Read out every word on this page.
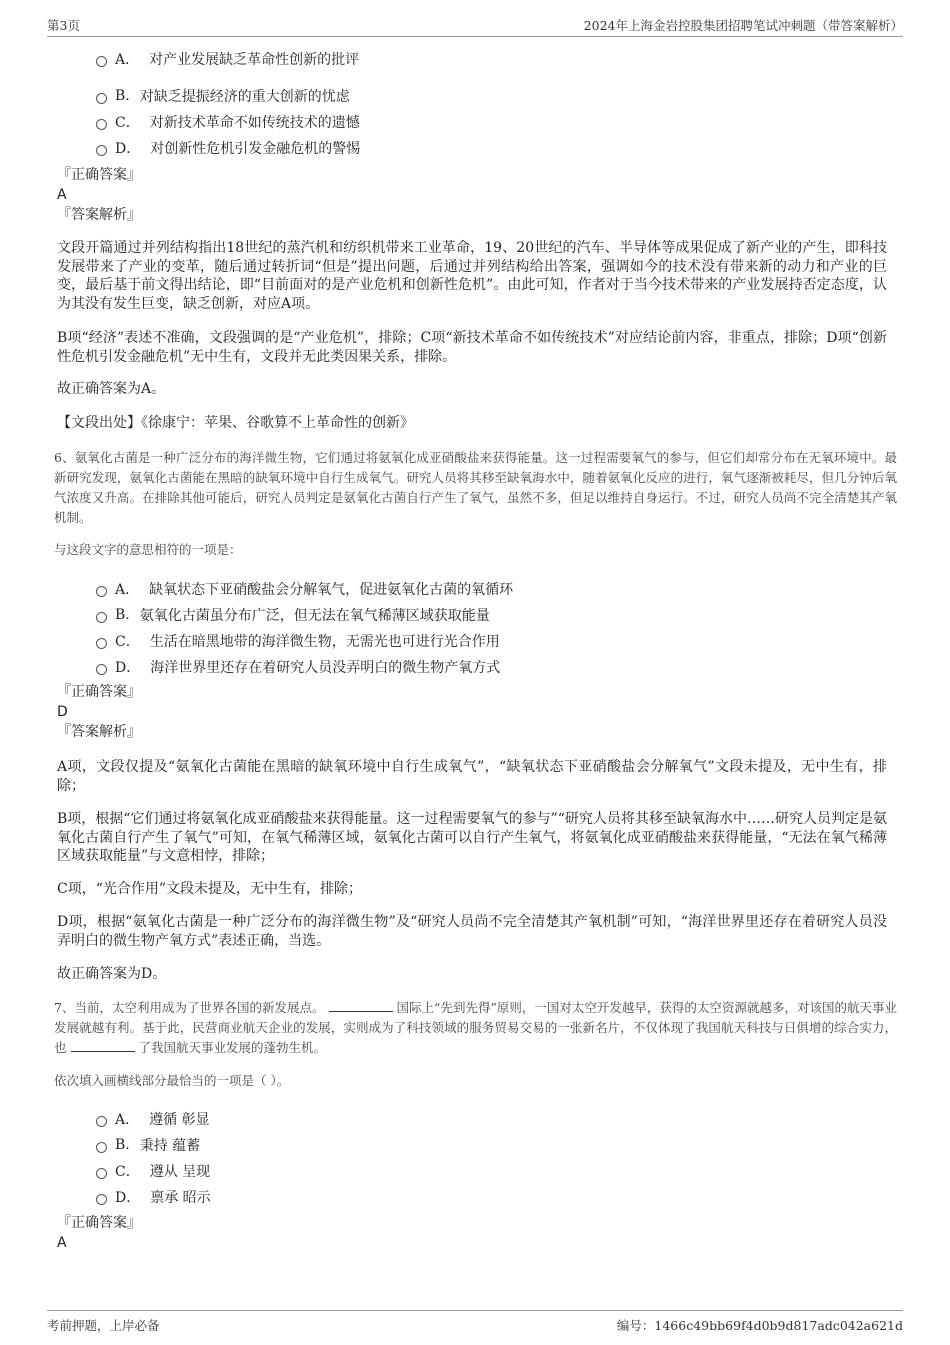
第3页	2024年上海金岩控股集团招聘笔试冲刺题（带答案解析）
A． 对产业发展缺乏革命性创新的批评
B. 对缺乏提振经济的重大创新的忧虑
C． 对新技术革命不如传统技术的遗憾
D． 对创新性危机引发金融危机的警惕
『正确答案』
A
『答案解析』
文段开篇通过并列结构指出18世纪的蒸汽机和纺织机带来工业革命，19、20世纪的汽车、半导体等成果促成了新产业的产生，即科技发展带来了产业的变革，随后通过转折词“但是”提出问题，后通过并列结构给出答案，强调如今的技术没有带来新的动力和产业的巨变，最后基于前文得出结论，即“目前面对的是产业危机和创新性危机”。由此可知，作者对于当今技术带来的产业发展持否定态度，认为其没有发生巨变，缺乏创新，对应A项。
B项“经济”表述不准确，文段强调的是“产业危机”，排除；C项“新技术革命不如传统技术”对应结论前内容，非重点，排除；D项“创新性危机引发金融危机”无中生有，文段并无此类因果关系，排除。
故正确答案为A。
【文段出处】《徐康宁：苹果、谷歌算不上革命性的创新》
6、氨氧化古菌是一种广泛分布的海洋微生物，它们通过将氨氧化成亚硝酸盐来获得能量。这一过程需要氧气的参与，但它们却常分布在无氧环境中。最新研究发现，氨氧化古菌能在黑暗的缺氧环境中自行生成氧气。研究人员将其移至缺氧海水中，随着氨氧化反应的进行，氧气逐渐被耗尽，但几分钟后氧气浓度又升高。在排除其他可能后，研究人员判定是氨氧化古菌自行产生了氧气，虽然不多，但足以维持自身运行。不过，研究人员尚不完全清楚其产氧机制。
与这段文字的意思相符的一项是：
A． 缺氧状态下亚硝酸盐会分解氧气，促进氨氧化古菌的氧循环
B. 氨氧化古菌虽分布广泛，但无法在氧气稀薄区域获取能量
C． 生活在暗黑地带的海洋微生物，无需光也可进行光合作用
D． 海洋世界里还存在着研究人员没弄明白的微生物产氧方式
『正确答案』
D
『答案解析』
A项，文段仅提及“氨氧化古菌能在黑暗的缺氧环境中自行生成氧气”，“缺氧状态下亚硝酸盐会分解氧气”文段未提及，无中生有，排除；
B项，根据“它们通过将氨氧化成亚硝酸盐来获得能量。这一过程需要氧气的参与”“研究人员将其移至缺氧海水中……研究人员判定是氨氧化古菌自行产生了氧气”可知，在氧气稀薄区域，氨氧化古菌可以自行产生氧气，将氨氧化成亚硝酸盐来获得能量，“无法在氧气稀薄区域获取能量”与文意相悖，排除；
C项，“光合作用”文段未提及，无中生有，排除；
D项，根据“氨氧化古菌是一种广泛分布的海洋微生物”及“研究人员尚不完全清楚其产氧机制”可知，“海洋世界里还存在着研究人员没弄明白的微生物产氧方式”表述正确，当选。
故正确答案为D。
7、当前，太空利用成为了世界各国的新发展点。	国际上“先到先得”原则，一国对太空开发越早，获得的太空资源就越多，对该国的航天事业发展就越有利。基于此，民营商业航天企业的发展，实则成为了科技领域的服务贸易交易的一张新名片，不仅体现了我国航天科技与日俱增的综合实力，也	了我国航天事业发展的蓬勃生机。
依次填入画横线部分最恰当的一项是（ ）。
A． 遵循 彰显
B. 秉持 蕴蓄
C． 遵从 呈现
D． 禀承 昭示
『正确答案』
A
考前押题，上岸必备	编号：1466c49bb69f4d0b9d817adc042a621d
